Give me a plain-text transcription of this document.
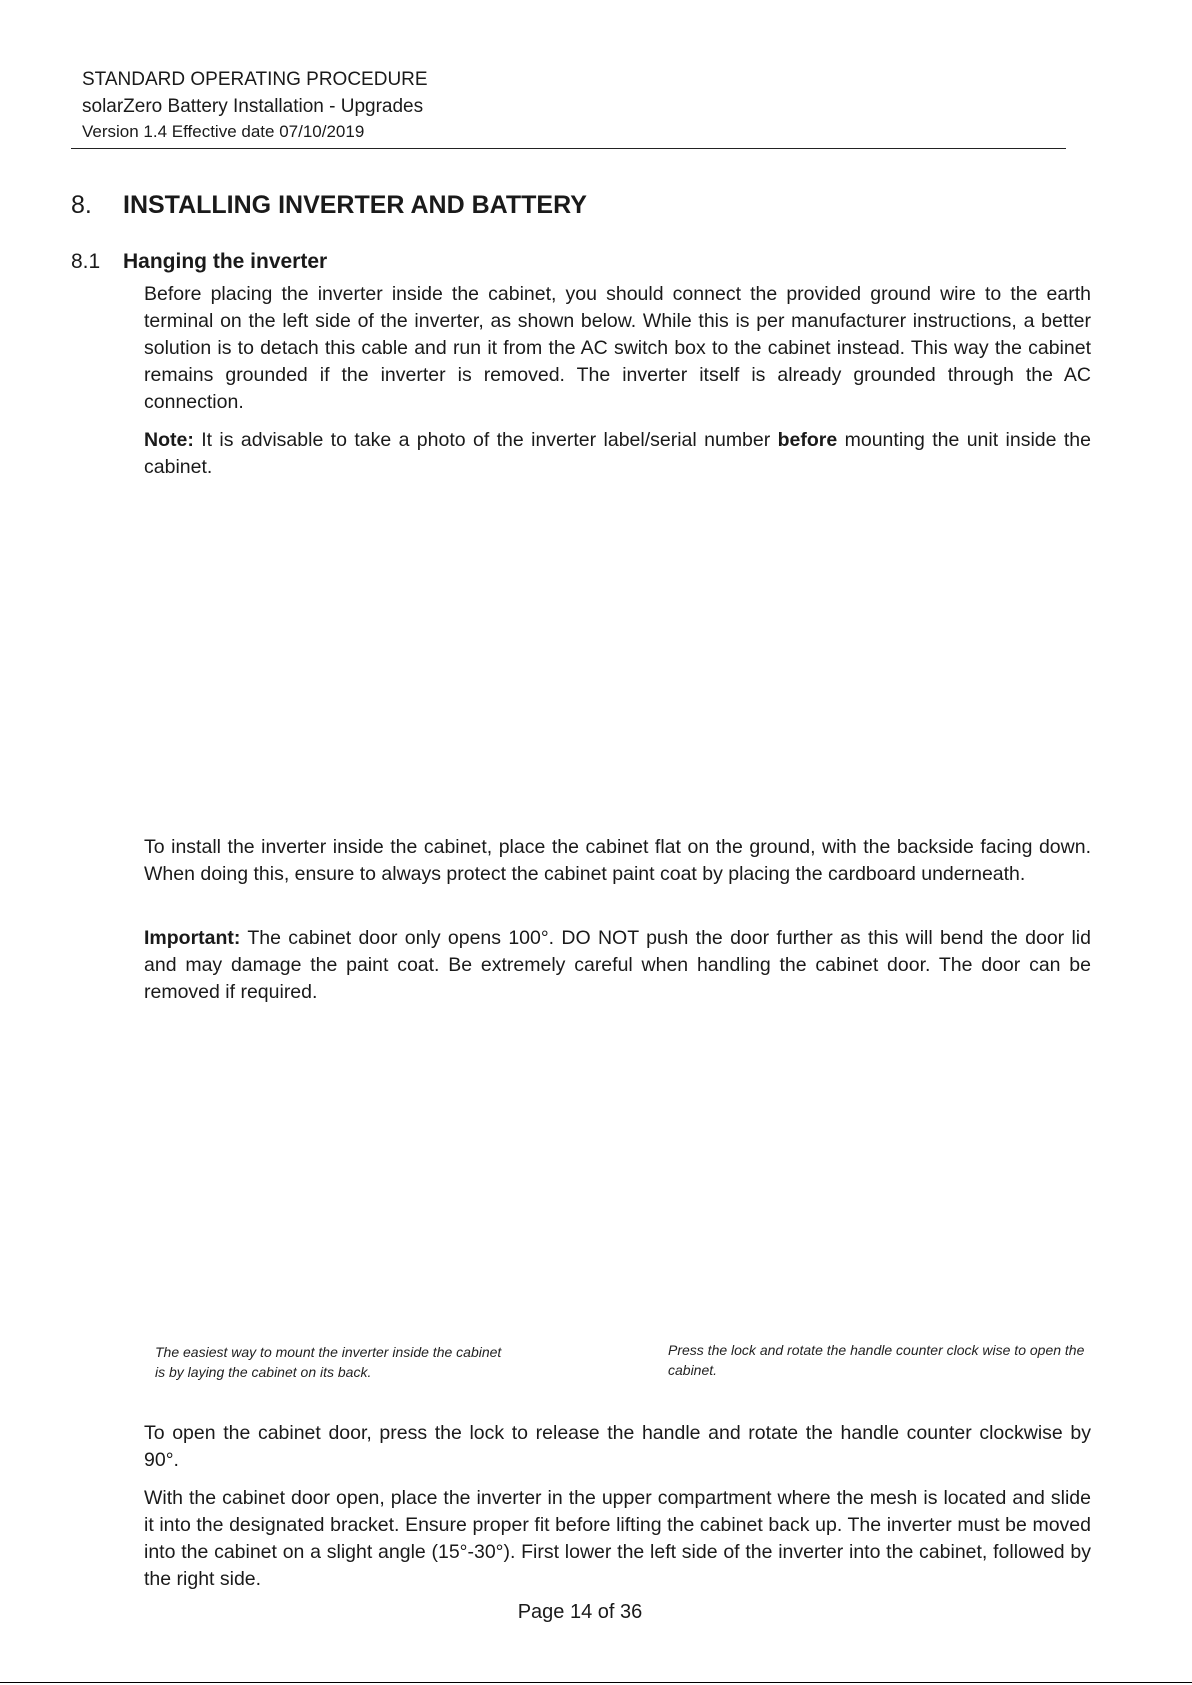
STANDARD OPERATING PROCEDURE
solarZero Battery Installation - Upgrades
Version 1.4 Effective date 07/10/2019
8. INSTALLING INVERTER AND BATTERY
8.1 Hanging the inverter

Before placing the inverter inside the cabinet, you should connect the provided ground wire to the earth terminal on the left side of the inverter, as shown below. While this is per manufacturer instructions, a better solution is to detach this cable and run it from the AC switch box to the cabinet instead. This way the cabinet remains grounded if the inverter is removed. The inverter itself is already grounded through the AC connection.

Note: It is advisable to take a photo of the inverter label/serial number before mounting the unit inside the cabinet.

To install the inverter inside the cabinet, place the cabinet flat on the ground, with the backside facing down. When doing this, ensure to always protect the cabinet paint coat by placing the cardboard underneath.

Important: The cabinet door only opens 100°. DO NOT push the door further as this will bend the door lid and may damage the paint coat. Be extremely careful when handling the cabinet door. The door can be removed if required.

The easiest way to mount the inverter inside the cabinet is by laying the cabinet on its back.
Press the lock and rotate the handle counter clock wise to open the cabinet.

To open the cabinet door, press the lock to release the handle and rotate the handle counter clockwise by 90°.

With the cabinet door open, place the inverter in the upper compartment where the mesh is located and slide it into the designated bracket. Ensure proper fit before lifting the cabinet back up. The inverter must be moved into the cabinet on a slight angle (15°-30°). First lower the left side of the inverter into the cabinet, followed by the right side.

Page 14 of 36
